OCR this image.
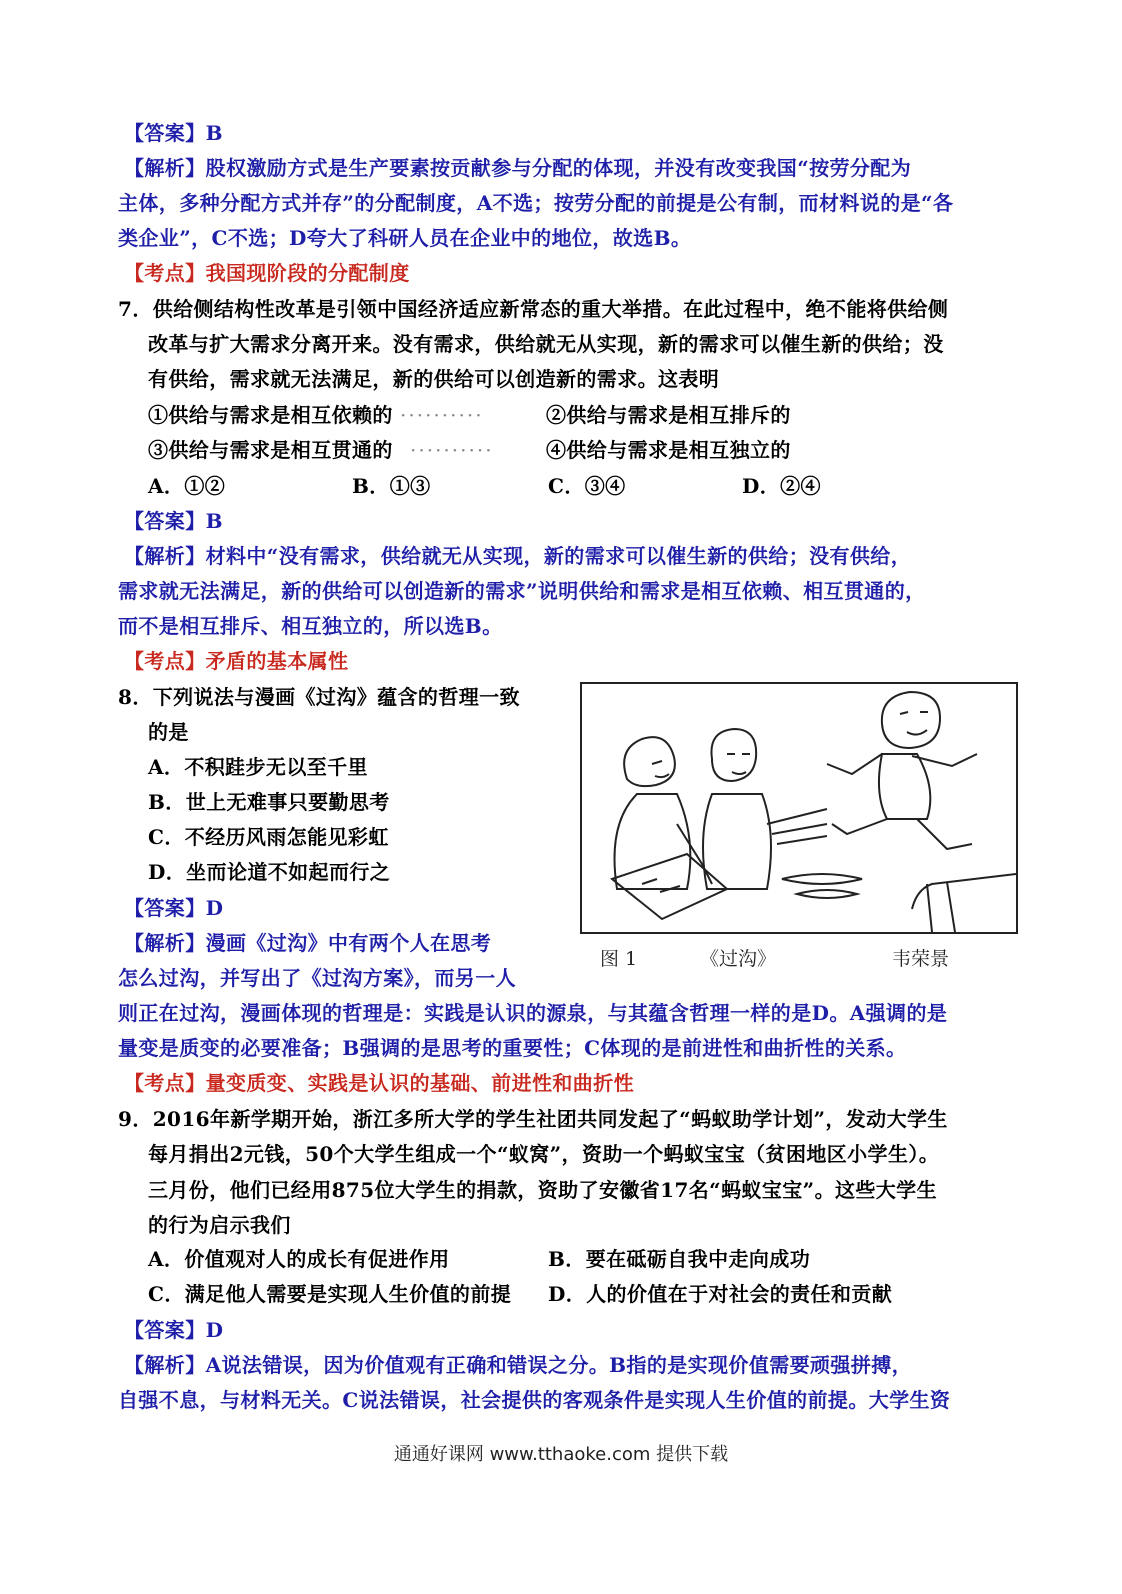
【答案】B
【解析】股权激励方式是生产要素按贡献参与分配的体现，并没有改变我国“按劳分配为
主体，多种分配方式并存”的分配制度，A不选；按劳分配的前提是公有制，而材料说的是“各
类企业”，C不选；D夸大了科研人员在企业中的地位，故选B。
【考点】我国现阶段的分配制度
7．供给侧结构性改革是引领中国经济适应新常态的重大举措。在此过程中，绝不能将供给侧
改革与扩大需求分离开来。没有需求，供给就无从实现，新的需求可以催生新的供给；没
有供给，需求就无法满足，新的供给可以创造新的需求。这表明
①供给与需求是相互依赖的 ··········	②供给与需求是相互排斥的
③供给与需求是相互贯通的 ··········	④供给与需求是相互独立的
A．①②	B．①③	C．③④	D．②④
【答案】B
【解析】材料中“没有需求，供给就无从实现，新的需求可以催生新的供给；没有供给，
需求就无法满足，新的供给可以创造新的需求”说明供给和需求是相互依赖、相互贯通的，
而不是相互排斥、相互独立的，所以选B。
【考点】矛盾的基本属性
8．下列说法与漫画《过沟》蕴含的哲理一致
的是
A．不积跬步无以至千里
B．世上无难事只要勤思考
C．不经历风雨怎能见彩虹
D．坐而论道不如起而行之
【答案】D
【解析】漫画《过沟》中有两个人在思考
怎么过沟，并写出了《过沟方案》，而另一人
则正在过沟，漫画体现的哲理是：实践是认识的源泉，与其蕴含哲理一样的是D。A强调的是
量变是质变的必要准备；B强调的是思考的重要性；C体现的是前进性和曲折性的关系。
【考点】量变质变、实践是认识的基础、前进性和曲折性
图 1	《过沟》	韦荣景
9．2016年新学期开始，浙江多所大学的学生社团共同发起了“蚂蚁助学计划”，发动大学生
每月捐出2元钱，50个大学生组成一个“蚁窝”，资助一个蚂蚁宝宝（贫困地区小学生）。
三月份，他们已经用875位大学生的捐款，资助了安徽省17名“蚂蚁宝宝”。这些大学生
的行为启示我们
A．价值观对人的成长有促进作用	B．要在砥砺自我中走向成功
C．满足他人需要是实现人生价值的前提 D．人的价值在于对社会的责任和贡献
【答案】D
【解析】A说法错误，因为价值观有正确和错误之分。B指的是实现价值需要顽强拼搏，
自强不息，与材料无关。C说法错误，社会提供的客观条件是实现人生价值的前提。大学生资
通通好课网 www.tthaoke.com 提供下载
